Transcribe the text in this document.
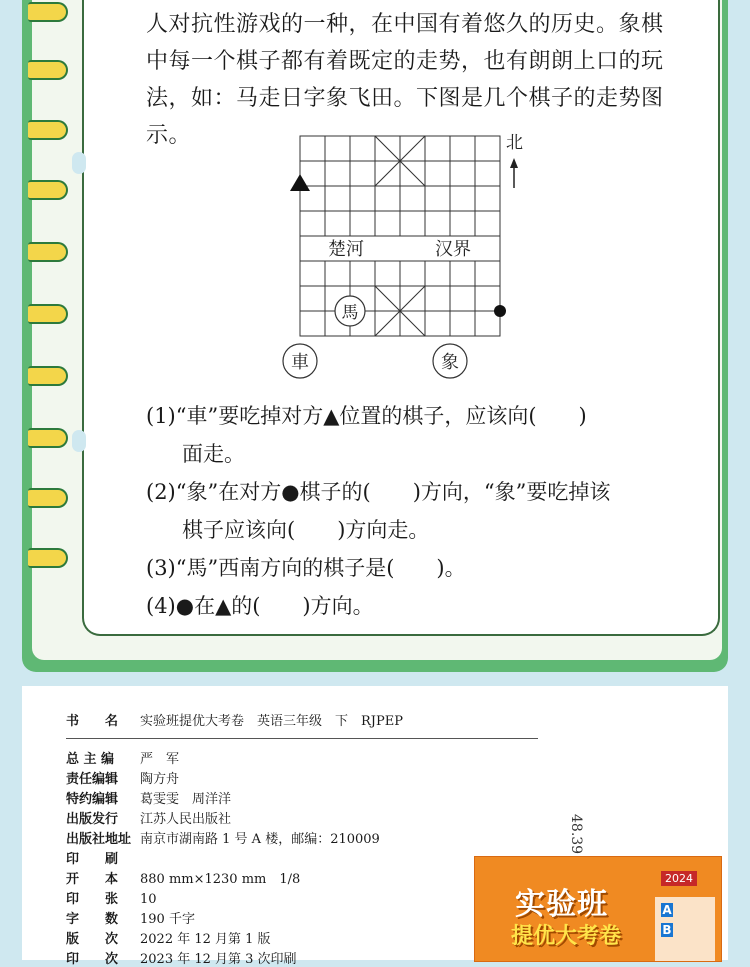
人对抗性游戏的一种，在中国有着悠久的历史。象棋中每一个棋子都有着既定的走势，也有朗朗上口的玩法，如：马走日字象飞田。下图是几个棋子的走势图示。
楚河	汉界
北
馬
車	象
(1)“車”要吃掉对方▲位置的棋子，应该向(　　)
面走。
(2)“象”在对方●棋子的(　　)方向，“象”要吃掉该
棋子应该向(　　)方向走。
(3)“馬”西南方向的棋子是(　　)。
(4)●在▲的(　　)方向。
书　　名 实验班提优大考卷　英语三年级　下　RJPEP
总 主 编 严　军
责任编辑 陶方舟
特约编辑 葛雯雯　周洋洋
出版发行 江苏人民出版社
出版社地址 南京市湖南路 1 号 A 楼，邮编：210009
印　　刷
开　　本 880 mm×1230 mm　1/8
印　　张 10
字　　数 190 千字
版　　次 2022 年 12 月第 1 版
印　　次 2023 年 12 月第 3 次印刷
48.39
2024
A
B
实验班
提优大考卷
